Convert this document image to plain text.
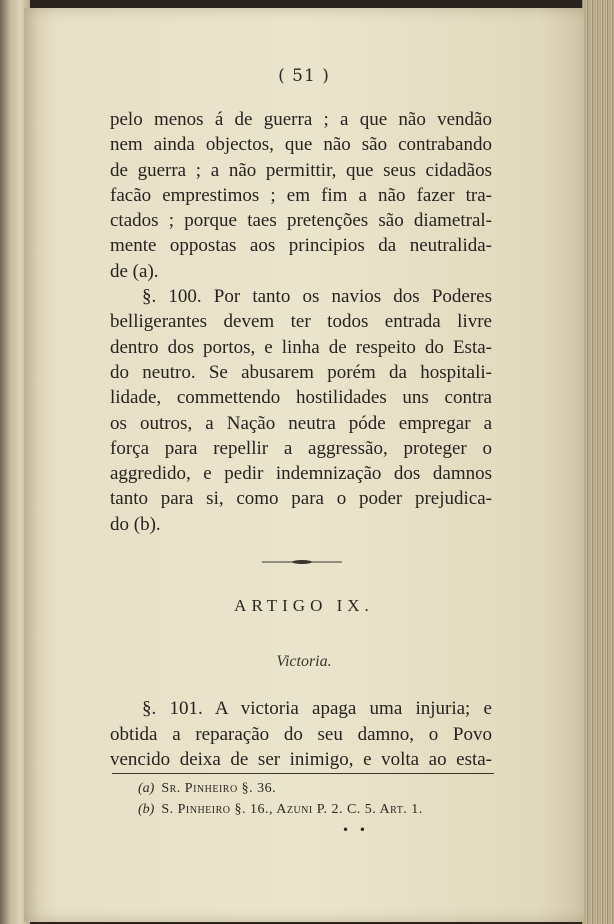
( 51 )
pelo menos á de guerra ; a que não vendão
nem ainda objectos, que não são contrabando
de guerra ; a não permittir, que seus cidadãos
facão emprestimos ; em fim a não fazer tra-
ctados ; porque taes pretenções são diametral-
mente oppostas aos principios da neutralida-
de (a).
§. 100. Por tanto os navios dos Poderes
belligerantes devem ter todos entrada livre
dentro dos portos, e linha de respeito do Esta-
do neutro. Se abusarem porém da hospitali-
lidade, commettendo hostilidades uns contra
os outros, a Nação neutra póde empregar a
força para repellir a aggressão, proteger o
aggredido, e pedir indemnização dos damnos
tanto para si, como para o poder prejudica-
do (b).
ARTIGO IX.
Victoria.
§. 101. A victoria apaga uma injuria; e
obtida a reparação do seu damno, o Povo
vencido deixa de ser inimigo, e volta ao esta-
(a) Sr. Pinheiro §. 36.
(b) S. Pinheiro §. 16., Azuni P. 2. C. 5. Art. 1.
• •
